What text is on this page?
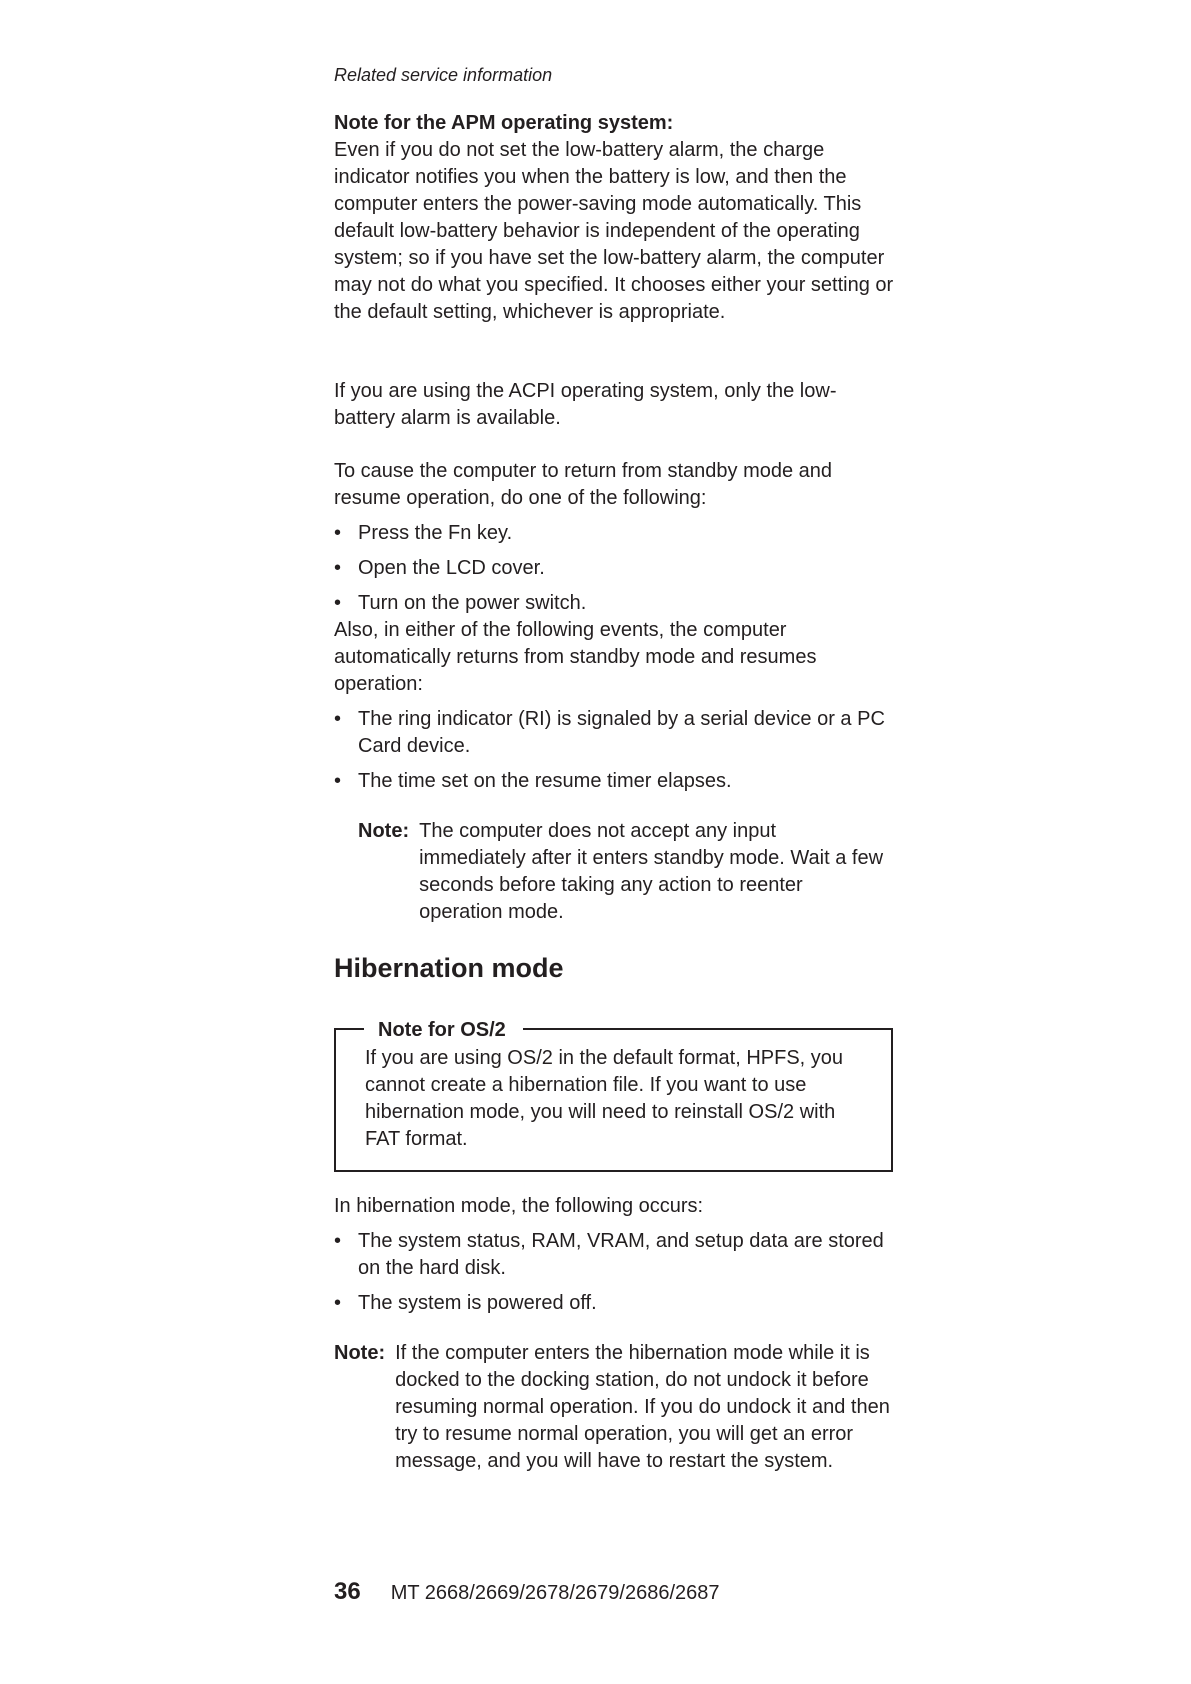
Related service information

Note for the APM operating system:

Even if you do not set the low-battery alarm, the charge indicator notifies you when the battery is low, and then the computer enters the power-saving mode automatically. This default low-battery behavior is independent of the operating system; so if you have set the low-battery alarm, the computer may not do what you specified. It chooses either your setting or the default setting, whichever is appropriate.

If you are using the ACPI operating system, only the low-battery alarm is available.

To cause the computer to return from standby mode and resume operation, do one of the following:

• Press the Fn key.
• Open the LCD cover.
• Turn on the power switch.

Also, in either of the following events, the computer automatically returns from standby mode and resumes operation:

• The ring indicator (RI) is signaled by a serial device or a PC Card device.
• The time set on the resume timer elapses.
Note: The computer does not accept any input immediately after it enters standby mode. Wait a few seconds before taking any action to reenter operation mode.
Hibernation mode
Note for OS/2
If you are using OS/2 in the default format, HPFS, you cannot create a hibernation file. If you want to use hibernation mode, you will need to reinstall OS/2 with FAT format.

In hibernation mode, the following occurs:

• The system status, RAM, VRAM, and setup data are stored on the hard disk.
• The system is powered off.
Note: If the computer enters the hibernation mode while it is docked to the docking station, do not undock it before resuming normal operation. If you do undock it and then try to resume normal operation, you will get an error message, and you will have to restart the system.
36 MT 2668/2669/2678/2679/2686/2687
